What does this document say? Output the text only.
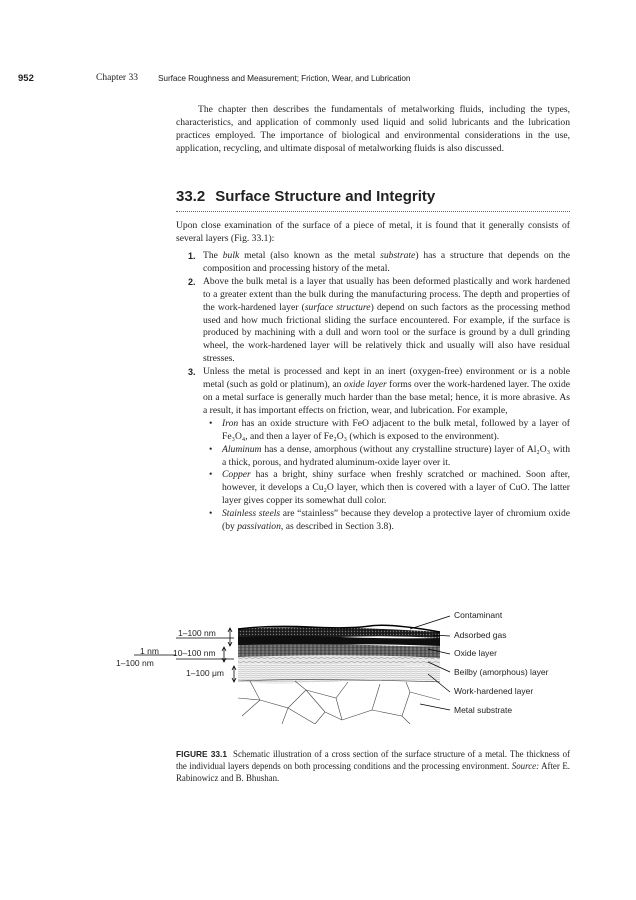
952	Chapter 33 Surface Roughness and Measurement; Friction, Wear, and Lubrication

The chapter then describes the fundamentals of metalworking fluids, including the types, characteristics, and application of commonly used liquid and solid lubricants and the lubrication practices employed. The importance of biological and environmental considerations in the use, application, recycling, and ultimate disposal of metalworking fluids is also discussed.

33.2 Surface Structure and Integrity

Upon close examination of the surface of a piece of metal, it is found that it generally consists of several layers (Fig. 33.1):

1. The bulk metal (also known as the metal substrate) has a structure that depends on the composition and processing history of the metal.
2. Above the bulk metal is a layer that usually has been deformed plastically and work hardened to a greater extent than the bulk during the manufacturing process. The depth and properties of the work-hardened layer (surface structure) depend on such factors as the processing method used and how much frictional sliding the surface encountered. For example, if the surface is produced by machining with a dull and worn tool or the surface is ground by a dull grinding wheel, the work-hardened layer will be relatively thick and usually will also have residual stresses.
3. Unless the metal is processed and kept in an inert (oxygen-free) environment or is a noble metal (such as gold or platinum), an oxide layer forms over the work-hardened layer. The oxide on a metal surface is generally much harder than the base metal; hence, it is more abrasive. As a result, it has important effects on friction, wear, and lubrication. For example,
• Iron has an oxide structure with FeO adjacent to the bulk metal, followed by a layer of Fe₃O₄, and then a layer of Fe₂O₃ (which is exposed to the environment).
• Aluminum has a dense, amorphous (without any crystalline structure) layer of Al₂O₃ with a thick, porous, and hydrated aluminum-oxide layer over it.
• Copper has a bright, shiny surface when freshly scratched or machined. Soon after, however, it develops a Cu₂O layer, which then is covered with a layer of CuO. The latter layer gives copper its somewhat dull color.
• Stainless steels are “stainless” because they develop a protective layer of chromium oxide (by passivation, as described in Section 3.8).
1–100 nm
10–100 nm
1–100 μm
1 nm
1–100 nm
Contaminant
Adsorbed gas
Oxide layer
Beilby (amorphous) layer
Work-hardened layer
Metal substrate

FIGURE 33.1 Schematic illustration of a cross section of the surface structure of a metal. The thickness of the individual layers depends on both processing conditions and the processing environment. Source: After E. Rabinowicz and B. Bhushan.
